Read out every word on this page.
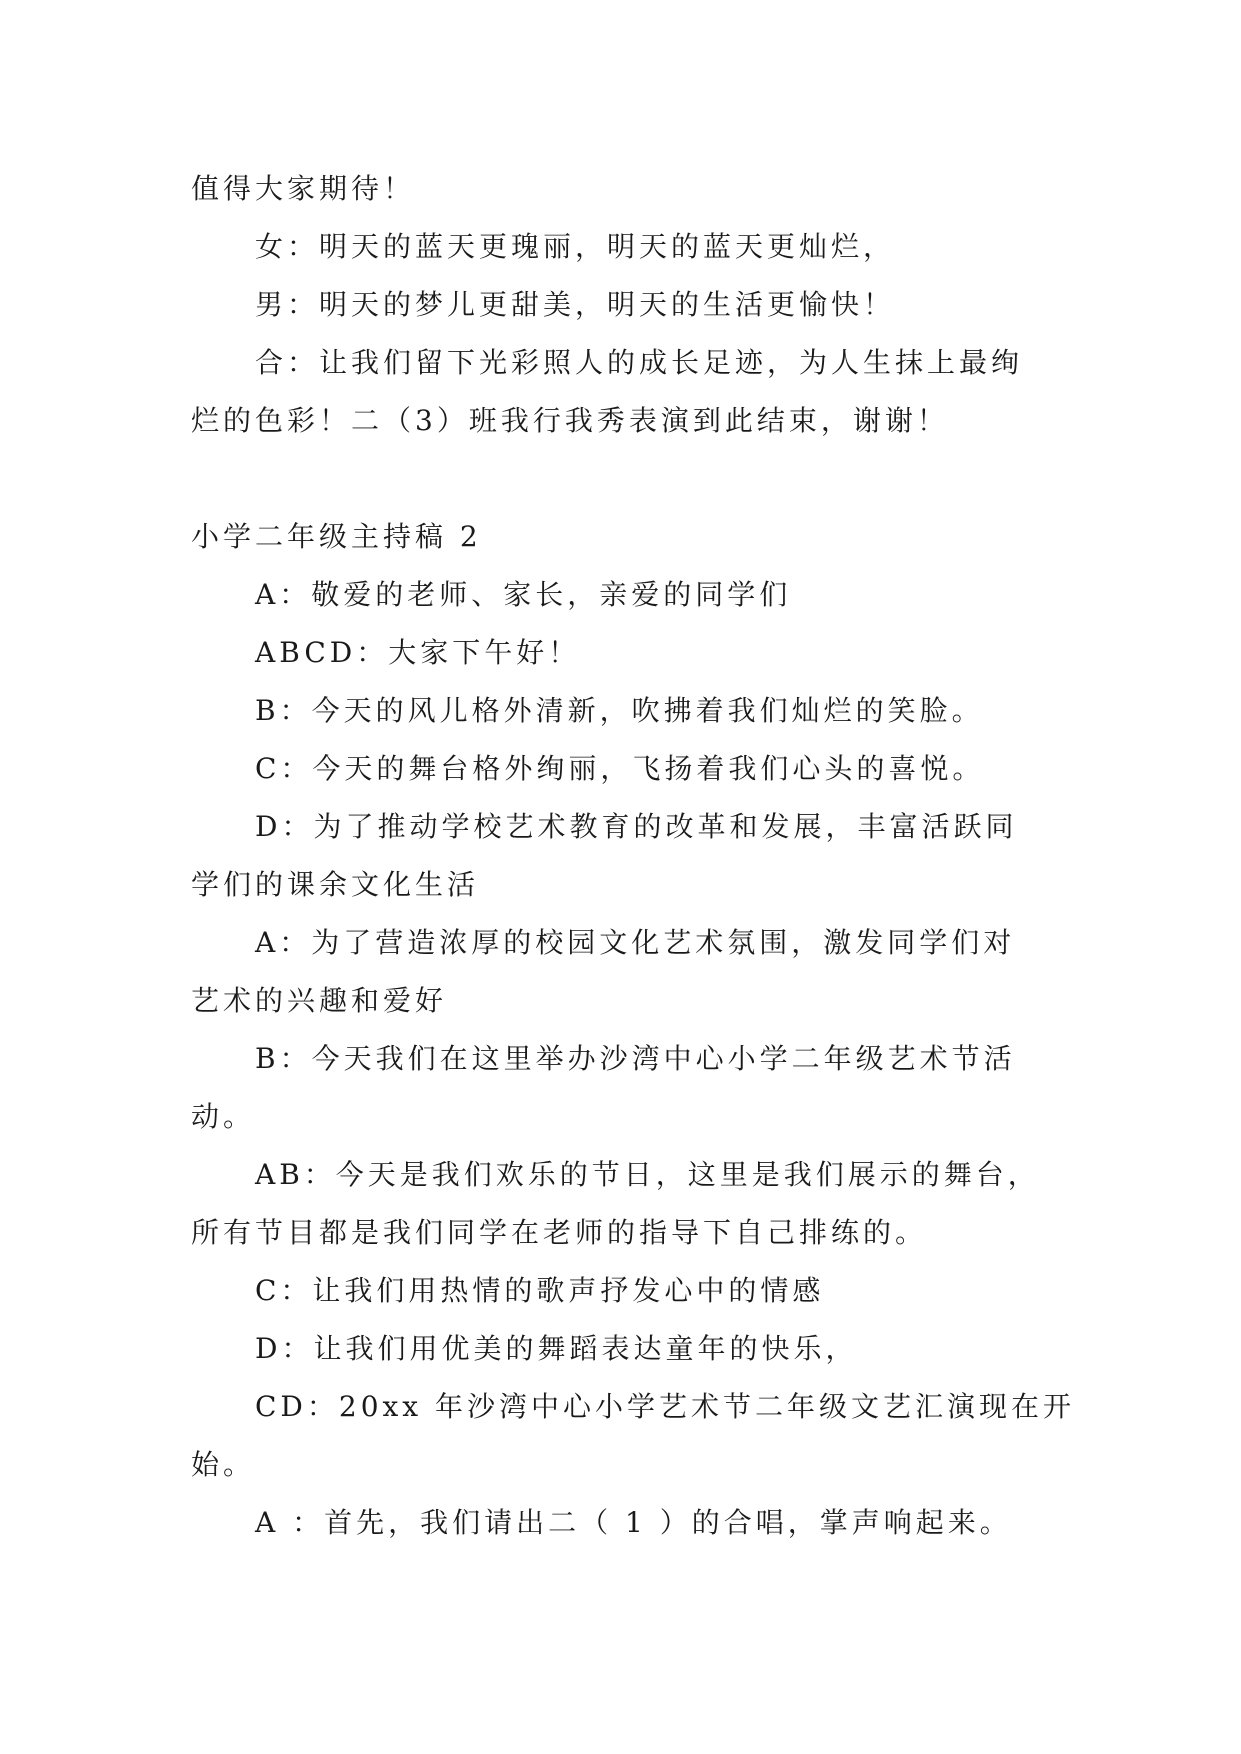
值得大家期待！

女：明天的蓝天更瑰丽，明天的蓝天更灿烂，

男：明天的梦儿更甜美，明天的生活更愉快！

合：让我们留下光彩照人的成长足迹，为人生抹上最绚

烂的色彩！二（3）班我行我秀表演到此结束，谢谢！

小学二年级主持稿 2

A：敬爱的老师、家长，亲爱的同学们

ABCD：大家下午好！

B：今天的风儿格外清新，吹拂着我们灿烂的笑脸。

C：今天的舞台格外绚丽，飞扬着我们心头的喜悦。

D：为了推动学校艺术教育的改革和发展，丰富活跃同

学们的课余文化生活

A：为了营造浓厚的校园文化艺术氛围，激发同学们对

艺术的兴趣和爱好

B：今天我们在这里举办沙湾中心小学二年级艺术节活

动。

AB：今天是我们欢乐的节日，这里是我们展示的舞台，

所有节目都是我们同学在老师的指导下自己排练的。

C：让我们用热情的歌声抒发心中的情感

D：让我们用优美的舞蹈表达童年的快乐，

CD：20xx 年沙湾中心小学艺术节二年级文艺汇演现在开

始。

A ：首先，我们请出二（ 1 ）的合唱，掌声响起来。
